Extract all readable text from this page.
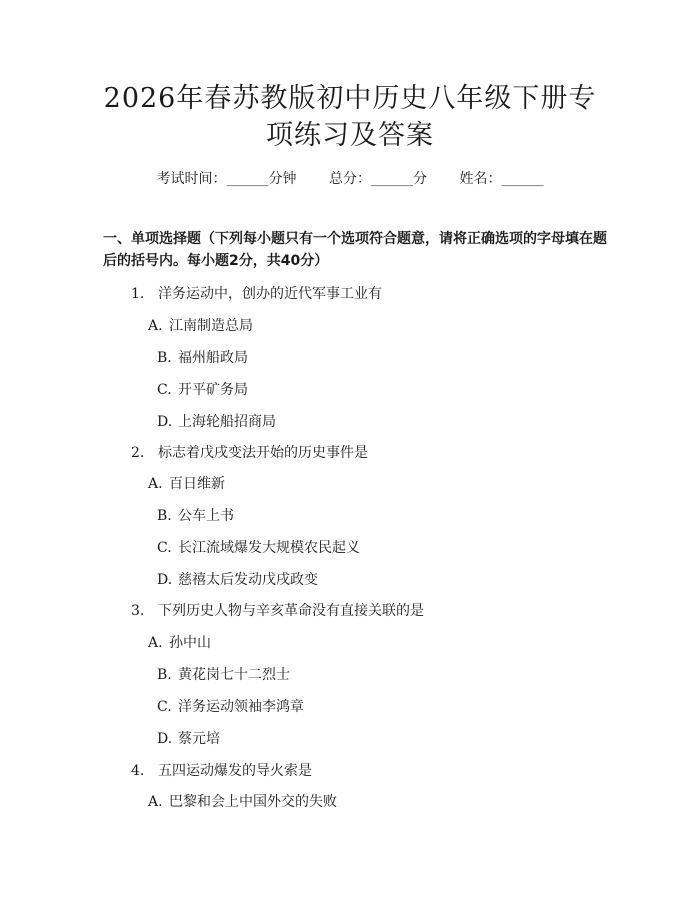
2026年春苏教版初中历史八年级下册专项练习及答案
考试时间：______分钟 总分：______分 姓名：______
一、单项选择题（下列每小题只有一个选项符合题意，请将正确选项的字母填在题后的括号内。每小题2分，共40分）
1. 洋务运动中，创办的近代军事工业有
A. 江南制造总局
B. 福州船政局
C. 开平矿务局
D. 上海轮船招商局
2. 标志着戊戌变法开始的历史事件是
A. 百日维新
B. 公车上书
C. 长江流域爆发大规模农民起义
D. 慈禧太后发动戊戌政变
3. 下列历史人物与辛亥革命没有直接关联的是
A. 孙中山
B. 黄花岗七十二烈士
C. 洋务运动领袖李鸿章
D. 蔡元培
4. 五四运动爆发的导火索是
A. 巴黎和会上中国外交的失败
